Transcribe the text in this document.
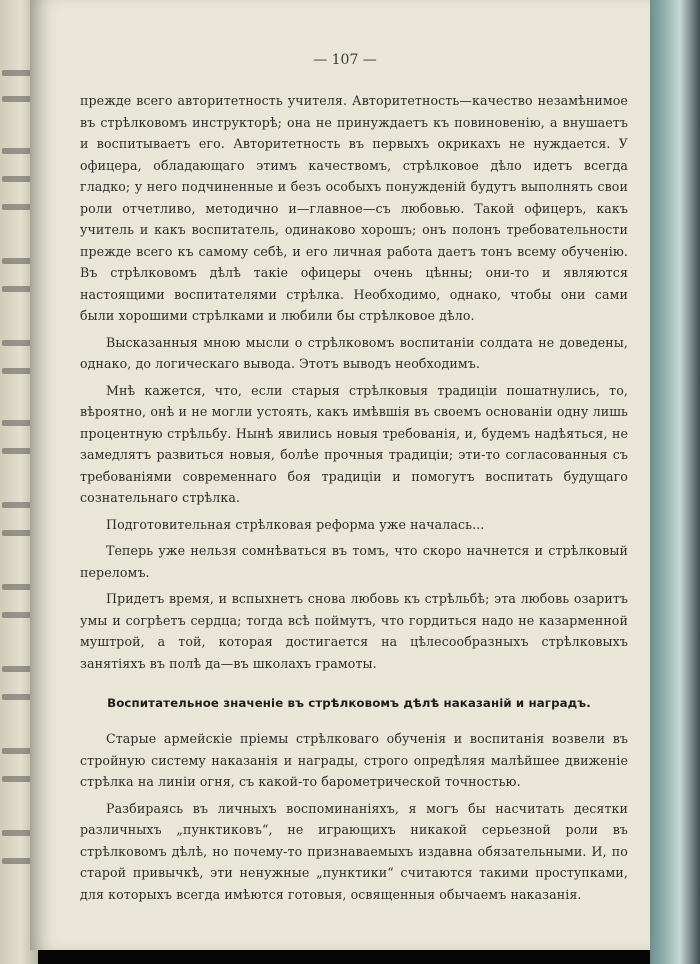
— 107 —

прежде всего авторитетность учителя. Авторитетность—качество незамѣнимое въ стрѣлковомъ инструкторѣ; она не принуждаетъ къ повиновенію, а внушаетъ и воспитываетъ его. Авторитетность въ первыхъ окрикахъ не нуждается. У офицера, обладающаго этимъ качествомъ, стрѣлковое дѣло идетъ всегда гладко; у него подчиненные и безъ особыхъ понужденій будутъ выполнять свои роли отчетливо, методично и—главное—съ любовью. Такой офицеръ, какъ учитель и какъ воспитатель, одинаково хорошъ; онъ полонъ требовательности прежде всего къ самому себѣ, и его личная работа даетъ тонъ всему обученію. Въ стрѣлковомъ дѣлѣ такіе офицеры очень цѣнны; они-то и являются настоящими воспитателями стрѣлка. Необходимо, однако, чтобы они сами были хорошими стрѣлками и любили бы стрѣлковое дѣло.

Высказанныя мною мысли о стрѣлковомъ воспитаніи солдата не доведены, однако, до логическаго вывода. Этотъ выводъ необходимъ.

Мнѣ кажется, что, если старыя стрѣлковыя традиціи пошатнулись, то, вѣроятно, онѣ и не могли устоять, какъ имѣвшія въ своемъ основаніи одну лишь процентную стрѣльбу. Нынѣ явились новыя требованія, и, будемъ надѣяться, не замедлятъ развиться новыя, болѣе прочныя традиціи; эти-то согласованныя съ требованіями современнаго боя традиціи и помогутъ воспитать будущаго сознательнаго стрѣлка.

Подготовительная стрѣлковая реформа уже началась...

Теперь уже нельзя сомнѣваться въ томъ, что скоро начнется и стрѣлковый переломъ.

Придетъ время, и вспыхнетъ снова любовь къ стрѣльбѣ; эта любовь озаритъ умы и согрѣетъ сердца; тогда всѣ поймутъ, что гордиться надо не казарменной муштрой, а той, которая достигается на цѣлесообразныхъ стрѣлковыхъ занятіяхъ въ полѣ да—въ школахъ грамоты.

Воспитательное значеніе въ стрѣлковомъ дѣлѣ наказаній и наградъ.

Старые армейскіе пріемы стрѣлковаго обученія и воспитанія возвели въ стройную систему наказанія и награды, строго опредѣляя малѣйшее движеніе стрѣлка на линіи огня, съ какой-то барометрической точностью.

Разбираясь въ личныхъ воспоминаніяхъ, я могъ бы насчитать десятки различныхъ „пунктиковъ“, не играющихъ никакой серьезной роли въ стрѣлковомъ дѣлѣ, но почему-то признаваемыхъ издавна обязательными. И, по старой привычкѣ, эти ненужные „пунктики“ считаются такими проступками, для которыхъ всегда имѣются готовыя, освященныя обычаемъ наказанія.
